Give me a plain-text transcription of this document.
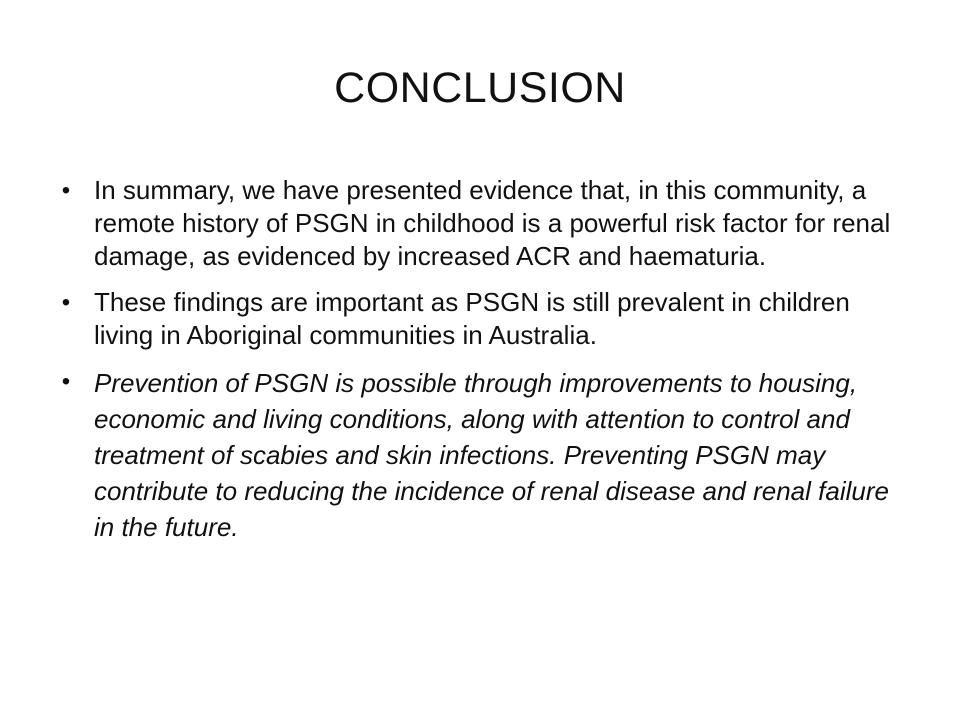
CONCLUSION
• In summary, we have presented evidence that, in this community, a remote history of PSGN in childhood is a powerful risk factor for renal damage, as evidenced by increased ACR and haematuria.
• These findings are important as PSGN is still prevalent in children living in Aboriginal communities in Australia.
• Prevention of PSGN is possible through improvements to housing, economic and living conditions, along with attention to control and treatment of scabies and skin infections. Preventing PSGN may contribute to reducing the incidence of renal disease and renal failure in the future.
